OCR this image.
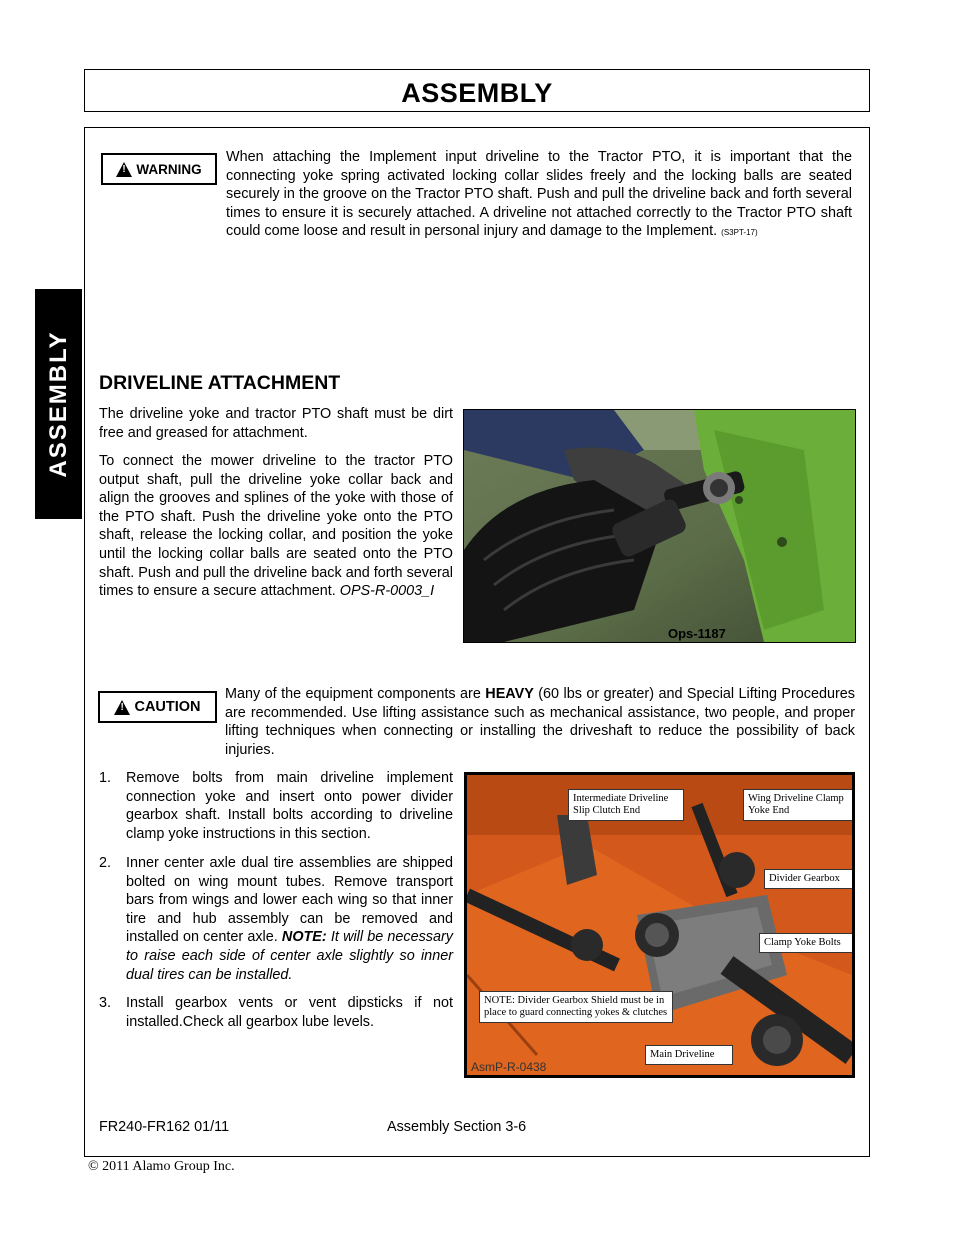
ASSEMBLY
ASSEMBLY
!
WARNING

When attaching the Implement input driveline to the Tractor PTO, it is important that the connecting yoke spring activated locking collar slides freely and the locking balls are seated securely in the groove on the Tractor PTO shaft. Push and pull the driveline back and forth several times to ensure it is securely attached. A driveline not attached correctly to the Tractor PTO shaft could come loose and result in personal injury and damage to the Implement. (S3PT-17)

DRIVELINE ATTACHMENT

The driveline yoke and tractor PTO shaft must be dirt free and greased for attachment.

To connect the mower driveline to the tractor PTO output shaft, pull the driveline yoke collar back and align the grooves and splines of the yoke with those of the PTO shaft. Push the driveline yoke onto the PTO shaft, release the locking collar, and position the yoke until the locking collar balls are seated onto the PTO shaft. Push and pull the driveline back and forth several times to ensure a secure attachment. OPS-R-0003_I

Ops-1187
!
CAUTION

Many of the equipment components are HEAVY (60 lbs or greater) and Special Lifting Procedures are recommended. Use lifting assistance such as mechanical assistance, two people, and proper lifting techniques when connecting or installing the driveshaft to reduce the possibility of back injuries.

1. Remove bolts from main driveline implement connection yoke and insert onto power divider gearbox shaft. Install bolts according to driveline clamp yoke instructions in this section.
2. Inner center axle dual tire assemblies are shipped bolted on wing mount tubes. Remove transport bars from wings and lower each wing so that inner tire and hub assembly can be removed and installed on center axle. NOTE: It will be necessary to raise each side of center axle slightly so inner dual tires can be installed.
3. Install gearbox vents or vent dipsticks if not installed.Check all gearbox lube levels.
Intermediate Driveline Slip Clutch End
Wing Driveline Clamp Yoke End
Divider Gearbox
Clamp Yoke Bolts
NOTE: Divider Gearbox Shield must be in place to guard connecting yokes & clutches
Main Driveline
AsmP-R-0438
FR240-FR162 01/11	Assembly Section 3-6
© 2011 Alamo Group Inc.
